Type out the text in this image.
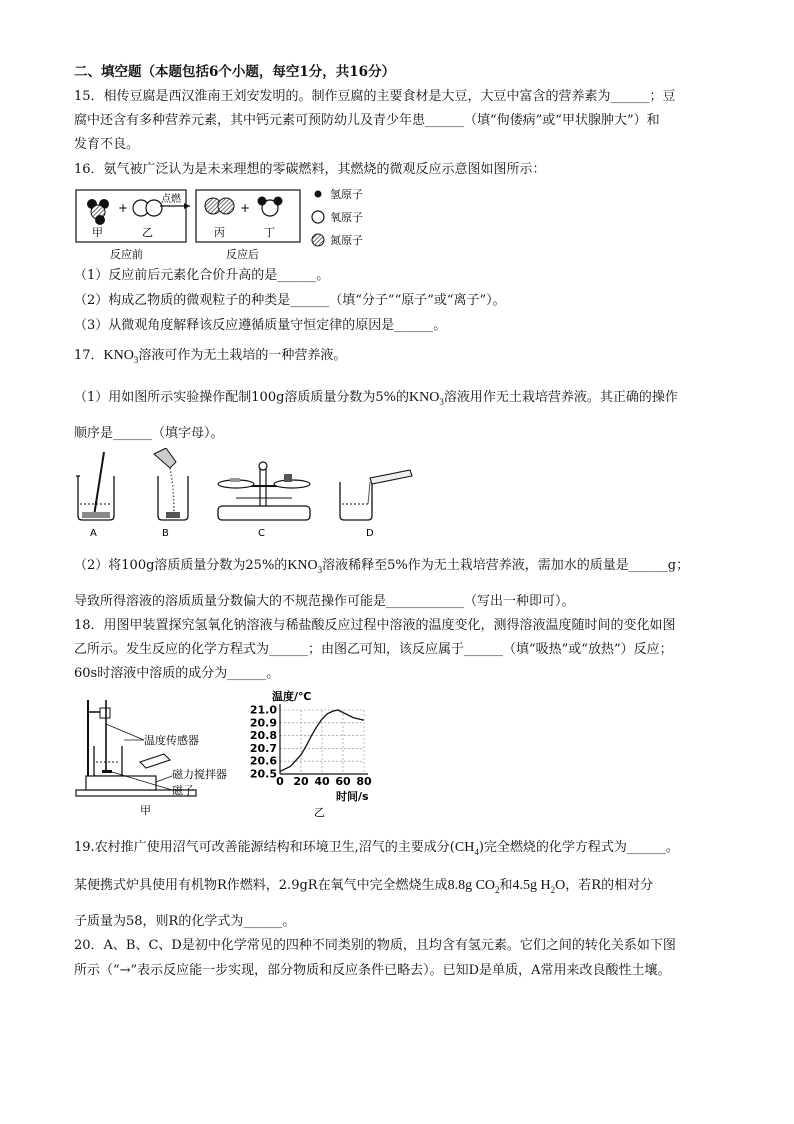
二、填空题（本题包括6个小题，每空1分，共16分）
15．相传豆腐是西汉淮南王刘安发明的。制作豆腐的主要食材是大豆，大豆中富含的营养素为______；豆
腐中还含有多种营养元素，其中钙元素可预防幼儿及青少年患______（填“佝偻病”或“甲状腺肿大”）和
发育不良。
16．氨气被广泛认为是未来理想的零碳燃料，其燃烧的微观反应示意图如图所示：
+
甲	乙
反应前
点燃
+
丙	丁
反应后
氢原子
氧原子
氮原子
（1）反应前后元素化合价升高的是______。
（2）构成乙物质的微观粒子的种类是______（填“分子”“原子”或“离子”）。
（3）从微观角度解释该反应遵循质量守恒定律的原因是______。
17．$KNO_3$溶液可作为无土栽培的一种营养液。
（1）用如图所示实验操作配制100g溶质质量分数为5%的$KNO_3$溶液用作无土栽培营养液。其正确的操作
顺序是______（填字母）。
A	B	C	D
（2）将100g溶质质量分数为25%的$KNO_3$溶液稀释至5%作为无土栽培营养液，需加水的质量是______g；
导致所得溶液的溶质质量分数偏大的不规范操作可能是____________（写出一种即可）。
18．用图甲装置探究氢氧化钠溶液与稀盐酸反应过程中溶液的温度变化，测得溶液温度随时间的变化如图
乙所示。发生反应的化学方程式为______；由图乙可知，该反应属于______（填“吸热”或“放热”）反应；
60s时溶液中溶质的成分为______。
温度传感器
磁力搅拌器
磁子
甲
温度/℃
20.5
20.6
20.7
20.8
20.9
21.0
0 20 40 60 80
时间/s
乙
19.农村推广使用沼气可改善能源结构和环境卫生,沼气的主要成分$(CH_4)$完全燃烧的化学方程式为______。
某便携式炉具使用有机物R作燃料，2.9gR在氧气中完全燃烧生成8.8g $CO_2$和4.5g $H_2O$，若R的相对分
子质量为58，则R的化学式为______。
20．A、B、C、D是初中化学常见的四种不同类别的物质，且均含有氢元素。它们之间的转化关系如下图
所示（“→”表示反应能一步实现，部分物质和反应条件已略去）。已知D是单质，A常用来改良酸性土壤。
